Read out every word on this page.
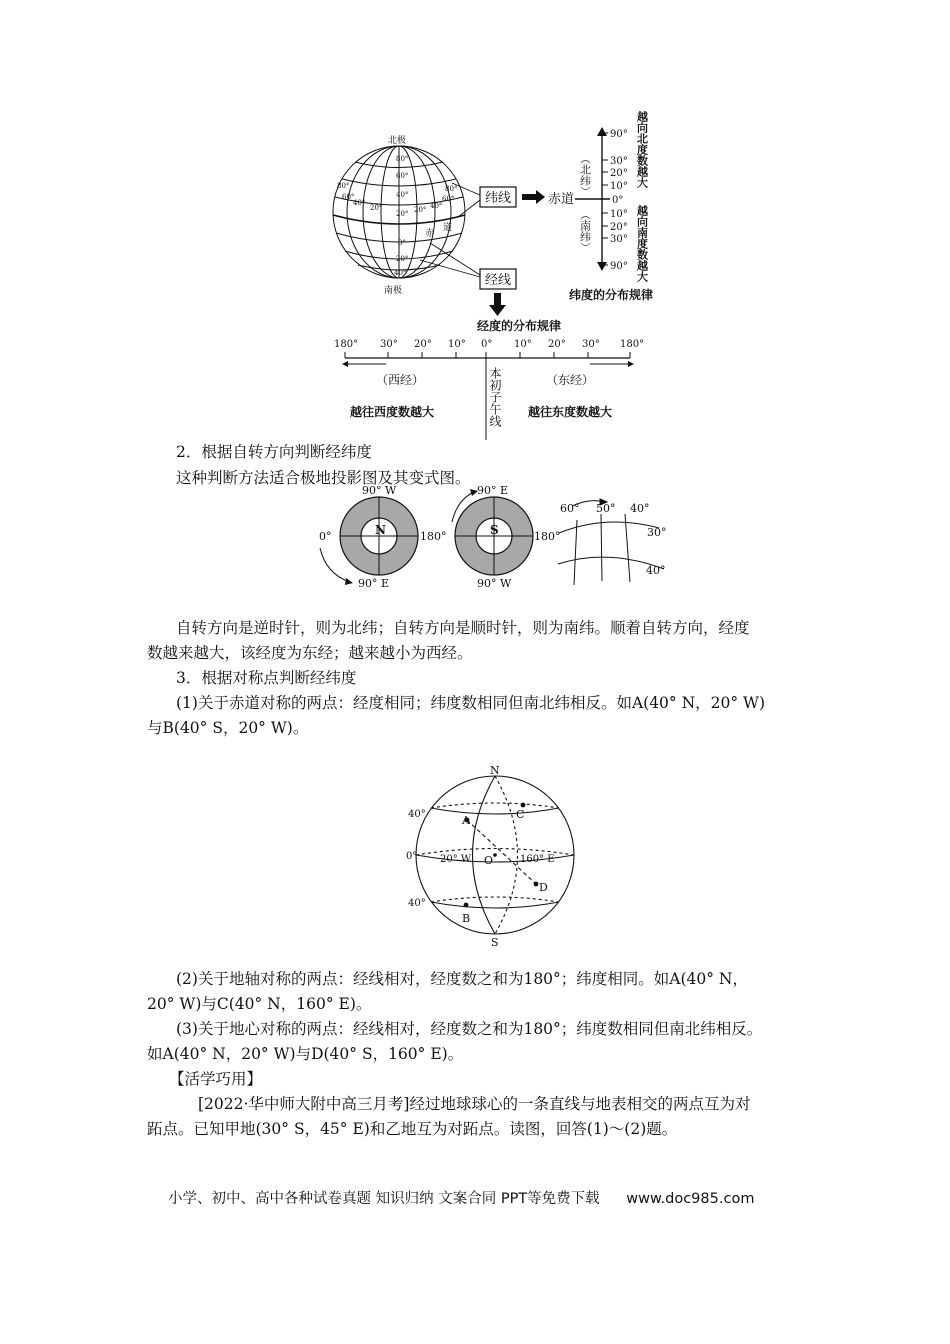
北极
南极
赤
道
80°
60°
40°
20°
0°
20°
40°
80°
60°
40°
20°
80°
60°
40°
20°
纬线
经线
90°
30°
20°
10°
0°
10°
20°
30°
90°
赤道
（北纬）
（南纬）
越向北度数越大
越向南度数越大
纬度的分布规律
经度的分布规律
180° 30° 20° 10° 0° 10° 20° 30° 180°
（西经）	（东经）
本初子午线
越往西度数越大	越往东度数越大
2．根据自转方向判断经纬度
这种判断方法适合极地投影图及其变式图。
N
90° W
0°	180°
90° E
S
90° E
180°
90° W
60° 50° 40°
30°
40°
自转方向是逆时针，则为北纬；自转方向是顺时针，则为南纬。顺着自转方向，经度
数越来越大，该经度为东经；越来越小为西经。
3．根据对称点判断经纬度
(1)关于赤道对称的两点：经度相同；纬度数相同但南北纬相反。如A(40° N，20° W)
与B(40° S，20° W)。
N
S
O
A
B
C
D
40°
0°
40°
20° W	160° E
(2)关于地轴对称的两点：经线相对，经度数之和为180°；纬度相同。如A(40° N，
20° W)与C(40° N，160° E)。
(3)关于地心对称的两点：经线相对，经度数之和为180°；纬度数相同但南北纬相反。
如A(40° N，20° W)与D(40° S，160° E)。
【活学巧用】
[2022·华中师大附中高三月考]经过地球球心的一条直线与地表相交的两点互为对
跖点。已知甲地(30° S，45° E)和乙地互为对跖点。读图，回答(1)～(2)题。
小学、初中、高中各种试卷真题 知识归纳 文案合同 PPT等免费下载 www.doc985.com
